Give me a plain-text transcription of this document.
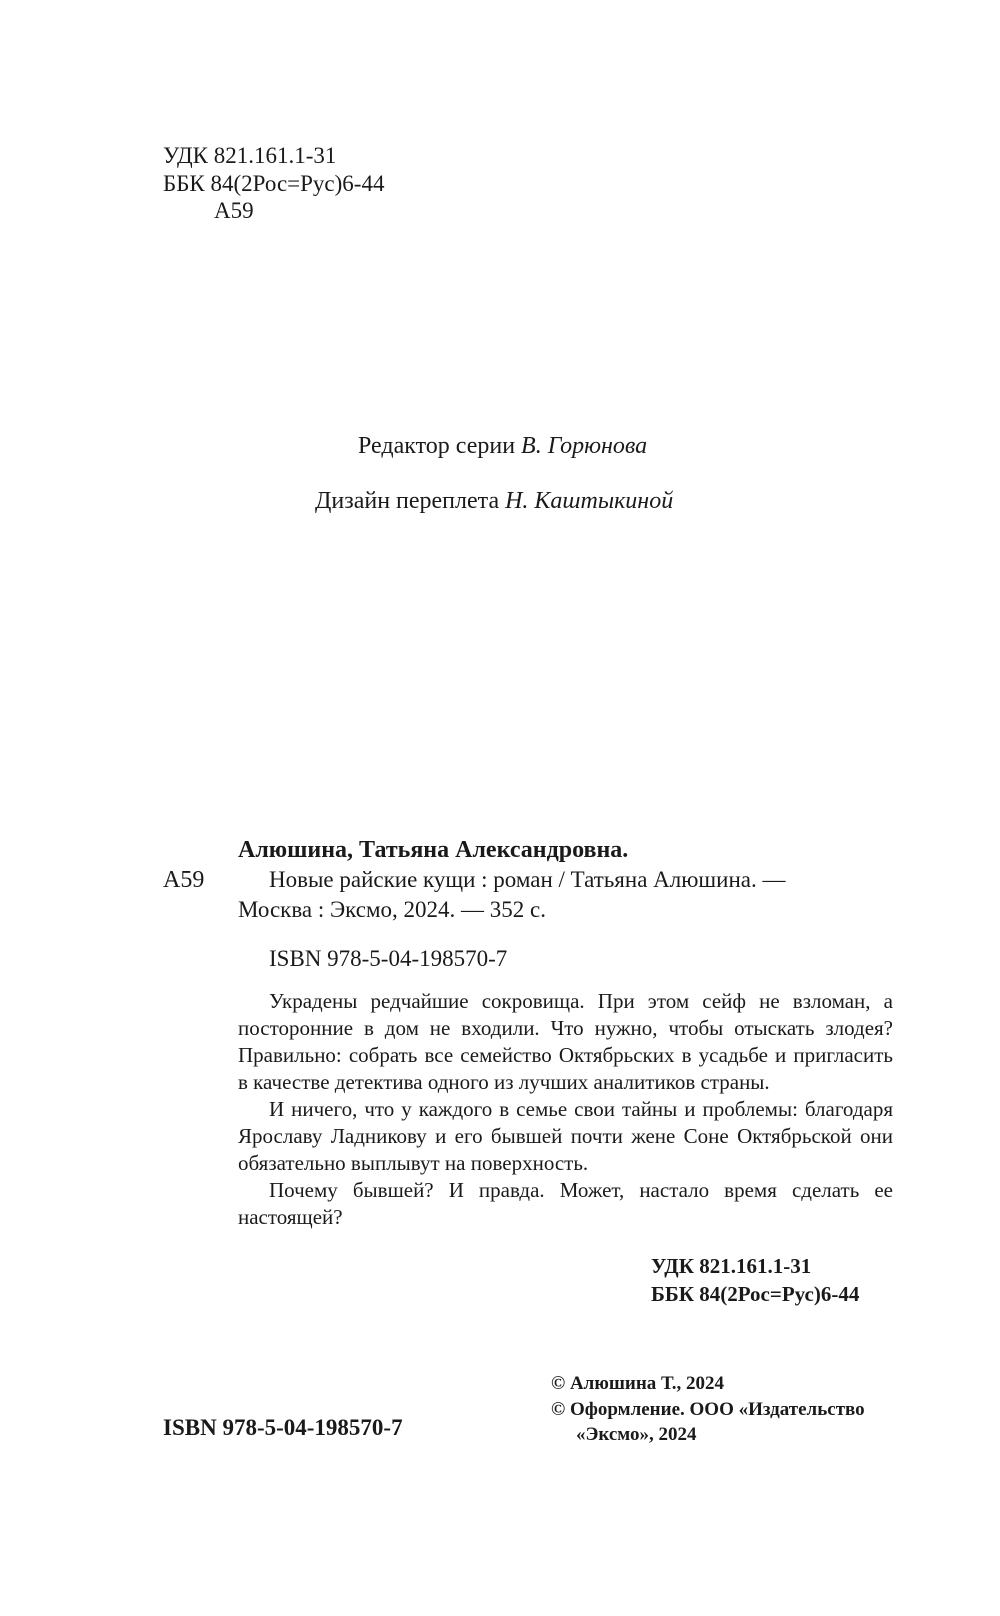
УДК 821.161.1-31
ББК 84(2Рос=Рус)6-44
А59
Редактор серии В. Горюнова
Дизайн переплета Н. Каштыкиной
Алюшина, Татьяна Александровна.
А59	Новые райские кущи : роман / Татьяна Алюшина. —
Москва : Эксмо, 2024. — 352 с.
ISBN 978-5-04-198570-7

Украдены редчайшие сокровища. При этом сейф не взломан, а посторонние в дом не входили. Что нужно, чтобы отыскать злодея? Правильно: собрать все семейство Октябрьских в усадьбе и пригласить в качестве детектива одного из лучших аналитиков страны.

И ничего, что у каждого в семье свои тайны и проблемы: благодаря Ярославу Ладникову и его бывшей почти жене Соне Октябрьской они обязательно выплывут на поверхность.

Почему бывшей? И правда. Может, настало время сделать ее настоящей?

УДК 821.161.1-31
ББК 84(2Рос=Рус)6-44
ISBN 978-5-04-198570-7
© Алюшина Т., 2024
© Оформление. ООО «Издательство
«Эксмо», 2024
